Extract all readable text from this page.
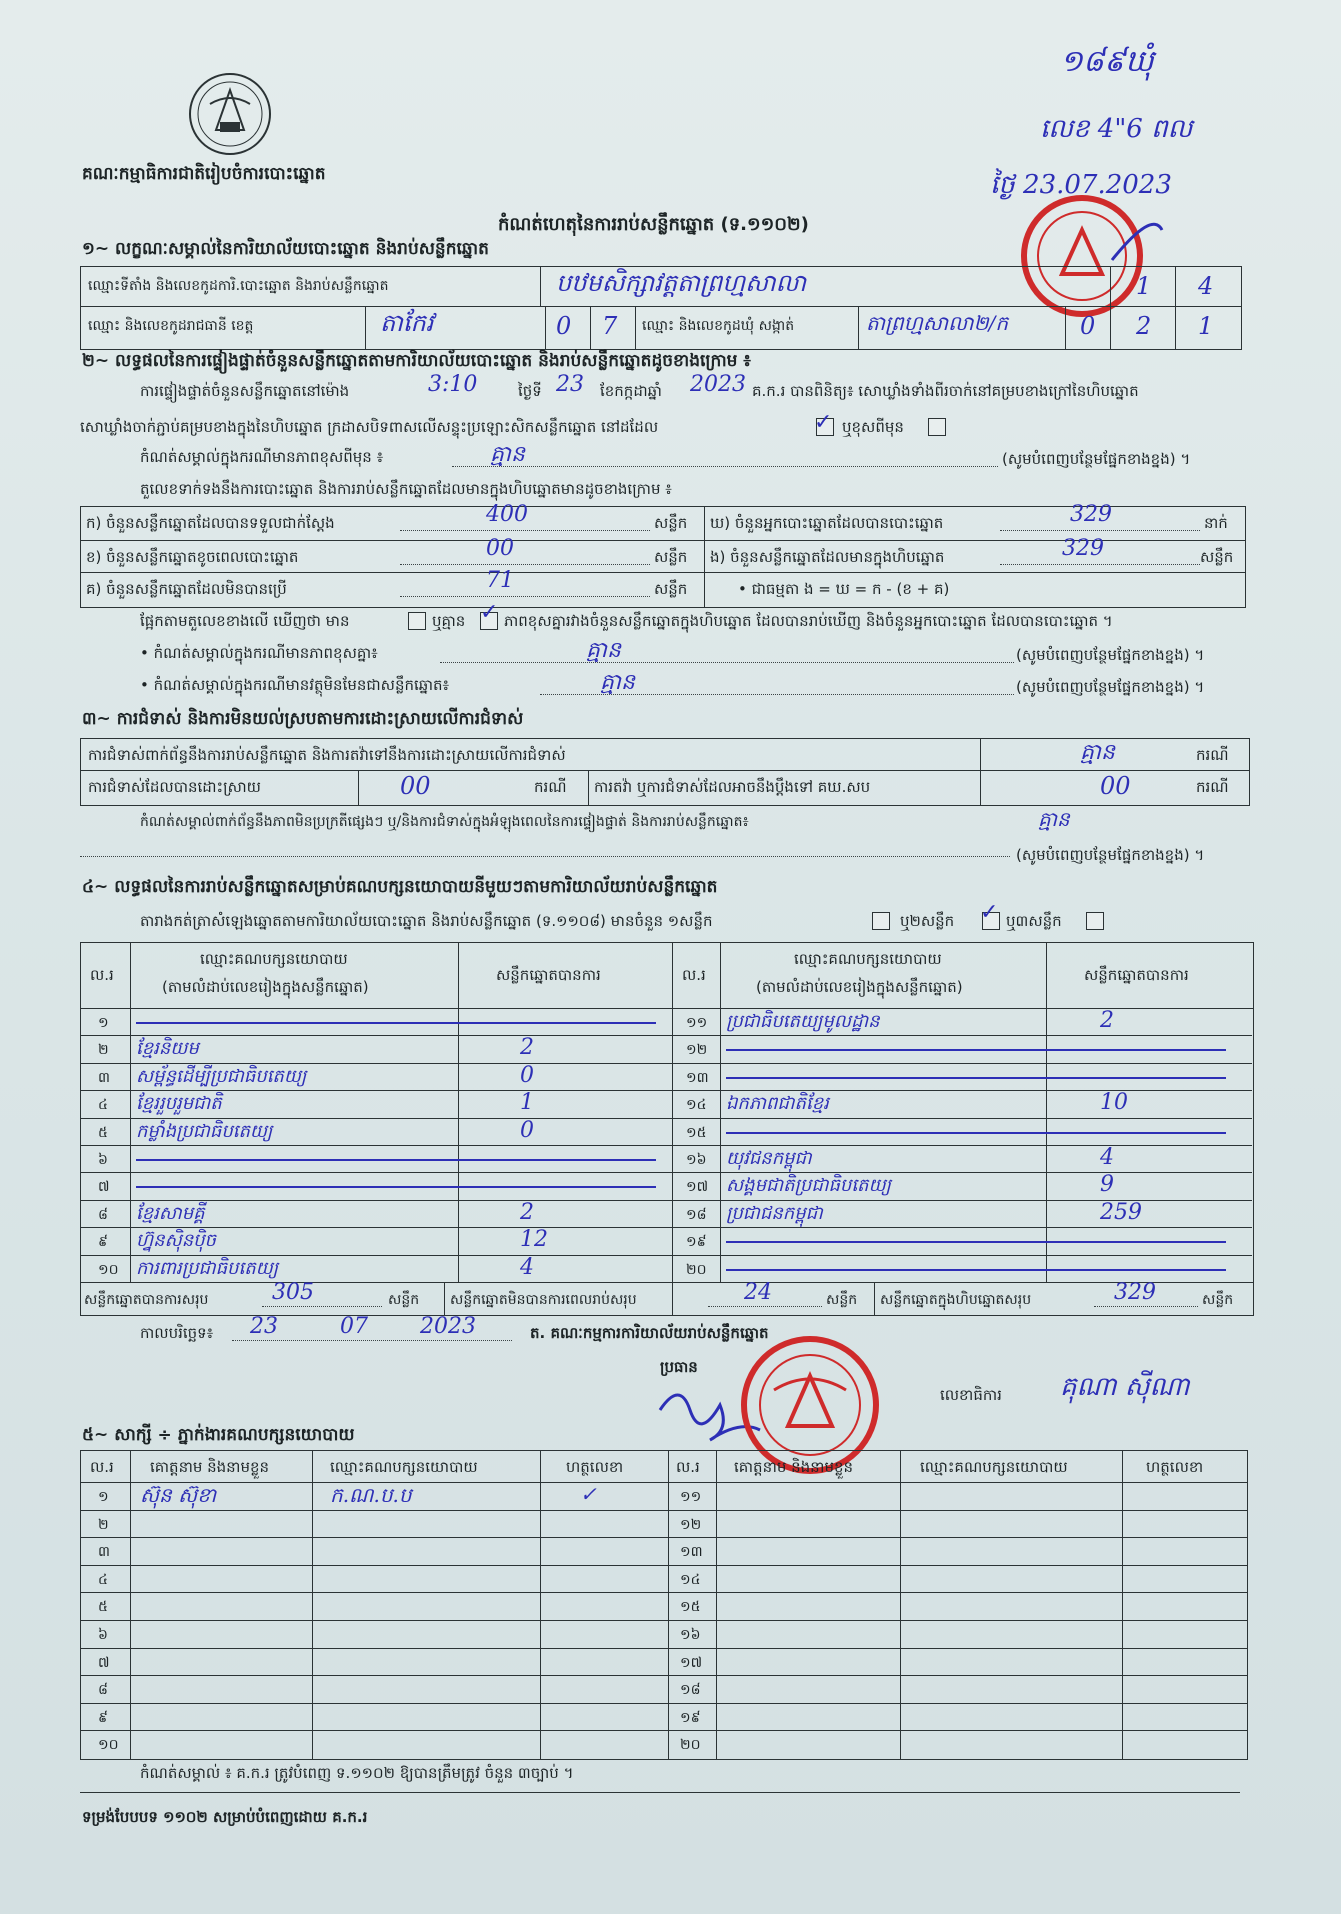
គណៈកម្មាធិការជាតិរៀបចំការបោះឆ្នោត
១៨៩ឃុំ
លេខ 4"6 ពល
ថ្ងៃ 23.07.2023
កំណត់ហេតុនៃការរាប់សន្លឹកឆ្នោត (ទ.១១០២)
១~ លក្ខណៈសម្គាល់នៃការិយាល័យបោះឆ្នោត និងរាប់សន្លឹកឆ្នោត
ឈ្មោះទីតាំង និងលេខកូដការិ.បោះឆ្នោត និងរាប់សន្លឹកឆ្នោត	បឋមសិក្សាវត្តតាព្រហ្មសាលា	1 4
ឈ្មោះ និងលេខកូដរាជធានី ខេត្ត	តាកែវ	0 7 ឈ្មោះ និងលេខកូដឃុំ សង្កាត់	តាព្រហ្មសាលា២/ក	0 2 1
២~ លទ្ធផលនៃការផ្ទៀងផ្ទាត់ចំនួនសន្លឹកឆ្នោតតាមការិយាល័យបោះឆ្នោត និងរាប់សន្លឹកឆ្នោតដូចខាងក្រោម ៖
ការផ្ទៀងផ្ទាត់ចំនួនសន្លឹកឆ្នោតនៅម៉ោង	3:10	ថ្ងៃទី 23 ខែកក្កដាឆ្នាំ 2023 គ.ក.រ បានពិនិត្យ៖ សោឃ្លាំងទាំងពីរចាក់នៅគម្របខាងក្រៅនៃហិបឆ្នោត
សោឃ្លាំងចាក់ភ្ជាប់គម្របខាងក្នុងនៃហិបឆ្នោត ក្រដាសបិទពាសលើសន្ទុះប្រឡោះសិកសន្លឹកឆ្នោត នៅដដែល	✓ ឬខុសពីមុន
កំណត់សម្គាល់ក្នុងករណីមានភាពខុសពីមុន ៖	គ្មាន	(សូមបំពេញបន្ថែមផ្នែកខាងខ្នង) ។
តួលេខទាក់ទងនឹងការបោះឆ្នោត និងការរាប់សន្លឹកឆ្នោតដែលមានក្នុងហិបឆ្នោតមានដូចខាងក្រោម ៖
ក) ចំនួនសន្លឹកឆ្នោតដែលបានទទួលជាក់ស្តែង	400	សន្លឹក
ខ) ចំនួនសន្លឹកឆ្នោតខូចពេលបោះឆ្នោត	00	សន្លឹក
គ) ចំនួនសន្លឹកឆ្នោតដែលមិនបានប្រើ	71	សន្លឹក
ឃ) ចំនួនអ្នកបោះឆ្នោតដែលបានបោះឆ្នោត	329	នាក់
ង) ចំនួនសន្លឹកឆ្នោតដែលមានក្នុងហិបឆ្នោត	329	សន្លឹក
• ជាធម្មតា ង = ឃ = ក - (ខ + គ)
ផ្អែកតាមតួលេខខាងលើ ឃើញថា មាន	ឬគ្មាន ✓ ភាពខុសគ្នារវាងចំនួនសន្លឹកឆ្នោតក្នុងហិបឆ្នោត ដែលបានរាប់ឃើញ និងចំនួនអ្នកបោះឆ្នោត ដែលបានបោះឆ្នោត ។
• កំណត់សម្គាល់ក្នុងករណីមានភាពខុសគ្នា៖	គ្មាន	(សូមបំពេញបន្ថែមផ្នែកខាងខ្នង) ។
• កំណត់សម្គាល់ក្នុងករណីមានវត្ថុមិនមែនជាសន្លឹកឆ្នោត៖	គ្មាន	(សូមបំពេញបន្ថែមផ្នែកខាងខ្នង) ។
៣~ ការជំទាស់ និងការមិនយល់ស្របតាមការដោះស្រាយលើការជំទាស់
ការជំទាស់ពាក់ព័ន្ធនឹងការរាប់សន្លឹកឆ្នោត និងការតវ៉ាទៅនឹងការដោះស្រាយលើការជំទាស់	គ្មាន	ករណី
ការជំទាស់ដែលបានដោះស្រាយ	00	ករណី ការតវ៉ា ឬការជំទាស់ដែលអាចនឹងប្តឹងទៅ គឃ.សប	00	ករណី
កំណត់សម្គាល់ពាក់ព័ន្ធនឹងភាពមិនប្រក្រតីផ្សេងៗ ឬ/និងការជំទាស់ក្នុងអំឡុងពេលនៃការផ្ទៀងផ្ទាត់ និងការរាប់សន្លឹកឆ្នោត៖	គ្មាន
(សូមបំពេញបន្ថែមផ្នែកខាងខ្នង) ។
៤~ លទ្ធផលនៃការរាប់សន្លឹកឆ្នោតសម្រាប់គណបក្សនយោបាយនីមួយៗតាមការិយាល័យរាប់សន្លឹកឆ្នោត
តារាងកត់ត្រាសំឡេងឆ្នោតតាមការិយាល័យបោះឆ្នោត និងរាប់សន្លឹកឆ្នោត (ទ.១១០៨) មានចំនួន ១សន្លឹក	ឬ២សន្លឹក ✓ ឬ៣សន្លឹក
ល.រ
ឈ្មោះគណបក្សនយោបាយ
(តាមលំដាប់លេខរៀងក្នុងសន្លឹកឆ្នោត)
សន្លឹកឆ្នោតបានការ	ល.រ
ឈ្មោះគណបក្សនយោបាយ
(តាមលំដាប់លេខរៀងក្នុងសន្លឹកឆ្នោត)
សន្លឹកឆ្នោតបានការ
១
២ ខ្មែរនិយម	2
៣ សម្ព័ន្ធដើម្បីប្រជាធិបតេយ្យ	0
៤ ខ្មែររួបរួមជាតិ	1
៥ កម្លាំងប្រជាធិបតេយ្យ	0
៦
៧
៨ ខ្មែរសាមគ្គី	2
៩ ហ្វ៊ុនស៊ិនប៉ិច	12
១០ ការពារប្រជាធិបតេយ្យ	4
១១ ប្រជាធិបតេយ្យមូលដ្ឋាន	2
១២
១៣
១៤ ឯកភាពជាតិខ្មែរ	10
១៥
១៦ យុវជនកម្ពុជា	4
១៧ សង្គមជាតិប្រជាធិបតេយ្យ	9
១៨ ប្រជាជនកម្ពុជា	259
១៩
២០
សន្លឹកឆ្នោតបានការសរុប	305	សន្លឹក សន្លឹកឆ្នោតមិនបានការពេលរាប់សរុប	24	សន្លឹក សន្លឹកឆ្នោតក្នុងហិបឆ្នោតសរុប	329	សន្លឹក
កាលបរិច្ឆេទ៖ 23	07 2023	ត. គណៈកម្មការការិយាល័យរាប់សន្លឹកឆ្នោត
ប្រធាន
លេខាធិការ គុណា ស៊ីណា
៥~ សាក្សី ÷ ភ្នាក់ងារគណបក្សនយោបាយ
ល.រ គោត្តនាម និងនាមខ្លួន	ឈ្មោះគណបក្សនយោបាយ	ហត្ថលេខា	ល.រ គោត្តនាម និងនាមខ្លួន	ឈ្មោះគណបក្សនយោបាយ	ហត្ថលេខា
១ ស៊ុន ស៊ុខា	ក.ណ.ប.ប	✓	១១
២	១២
៣	១៣
៤	១៤
៥	១៥
៦	១៦
៧	១៧
៨	១៨
៩	១៩
១០	២០
កំណត់សម្គាល់ ៖ គ.ក.រ ត្រូវបំពេញ ទ.១១០២ ឱ្យបានត្រឹមត្រូវ ចំនួន ៣ច្បាប់ ។
ទម្រង់បែបបទ ១១០២ សម្រាប់បំពេញដោយ គ.ក.រ
